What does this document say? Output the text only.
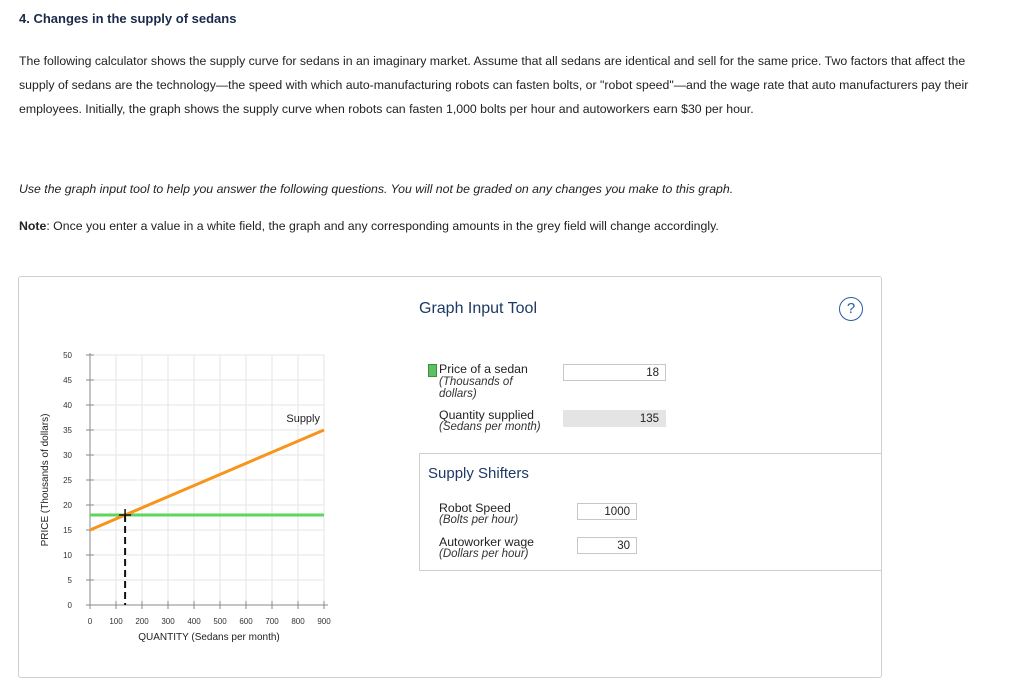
4. Changes in the supply of sedans
The following calculator shows the supply curve for sedans in an imaginary market. Assume that all sedans are identical and sell for the same price. Two factors that affect the supply of sedans are the technology—the speed with which auto-manufacturing robots can fasten bolts, or "robot speed"—and the wage rate that auto manufacturers pay their employees. Initially, the graph shows the supply curve when robots can fasten 1,000 bolts per hour and autoworkers earn $30 per hour.
Use the graph input tool to help you answer the following questions. You will not be graded on any changes you make to this graph.
Note: Once you enter a value in a white field, the graph and any corresponding amounts in the grey field will change accordingly.
0
5
10
15
20
25
30
35
40
45
50
0 100 200 300 400 500 600 700 800 900
PRICE (Thousands of dollars)
QUANTITY (Sedans per month)
Supply
Graph Input Tool	?
Price of a sedan
(Thousands of
dollars)
18
Quantity supplied
(Sedans per month)
135
Supply Shifters
Robot Speed
(Bolts per hour)
1000
Autoworker wage
(Dollars per hour)
30
